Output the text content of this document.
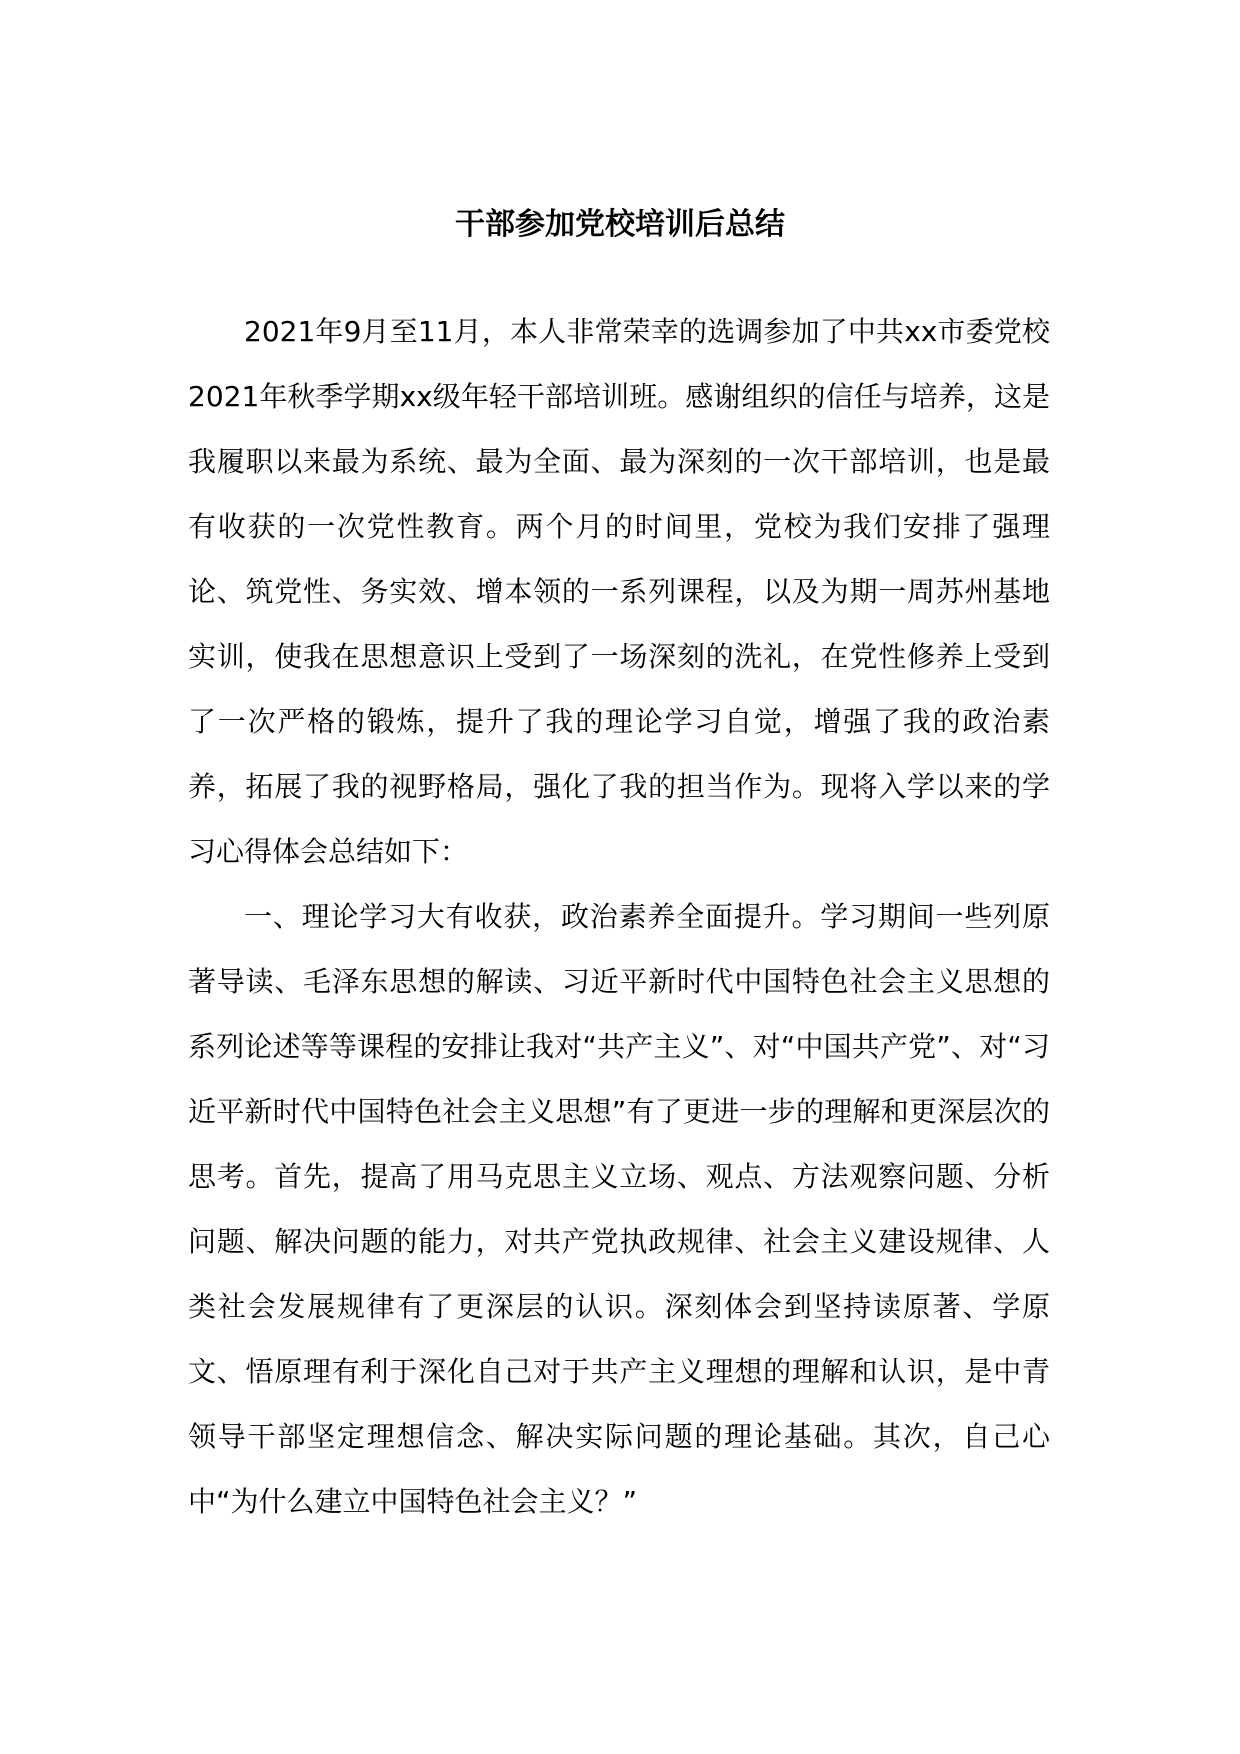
干部参加党校培训后总结

2021年9月至11月，本人非常荣幸的选调参加了中共xx市委党校2021年秋季学期xx级年轻干部培训班。感谢组织的信任与培养，这是我履职以来最为系统、最为全面、最为深刻的一次干部培训，也是最有收获的一次党性教育。两个月的时间里，党校为我们安排了强理论、筑党性、务实效、增本领的一系列课程，以及为期一周苏州基地实训，使我在思想意识上受到了一场深刻的洗礼，在党性修养上受到了一次严格的锻炼，提升了我的理论学习自觉，增强了我的政治素养，拓展了我的视野格局，强化了我的担当作为。现将入学以来的学习心得体会总结如下：

一、理论学习大有收获，政治素养全面提升。学习期间一些列原著导读、毛泽东思想的解读、习近平新时代中国特色社会主义思想的系列论述等等课程的安排让我对“共产主义”、对“中国共产党”、对“习近平新时代中国特色社会主义思想”有了更进一步的理解和更深层次的思考。首先，提高了用马克思主义立场、观点、方法观察问题、分析问题、解决问题的能力，对共产党执政规律、社会主义建设规律、人类社会发展规律有了更深层的认识。深刻体会到坚持读原著、学原文、悟原理有利于深化自己对于共产主义理想的理解和认识，是中青领导干部坚定理想信念、解决实际问题的理论基础。其次，自己心中“为什么建立中国特色社会主义？”
